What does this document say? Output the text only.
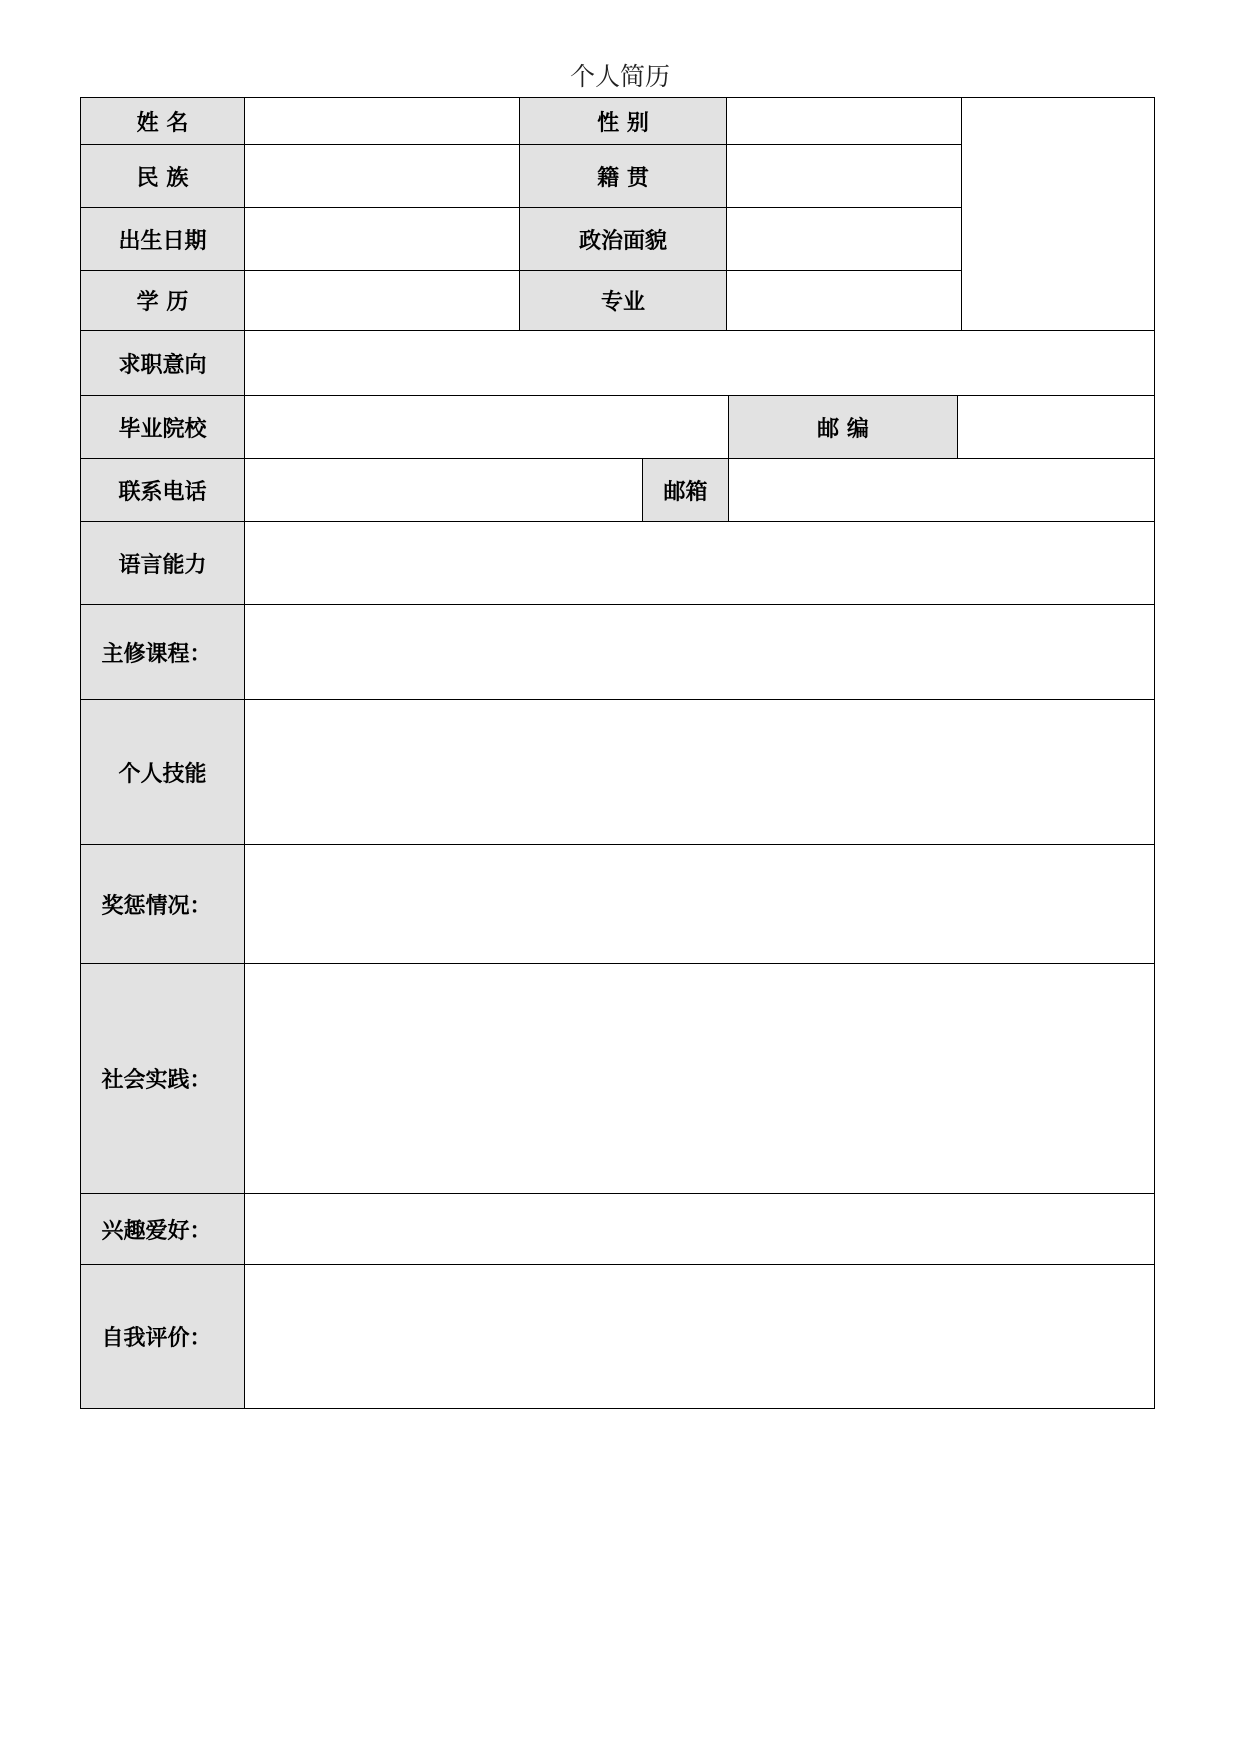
个人简历
姓 名	性 别
民 族	籍 贯
出生日期	政治面貌
学 历	专业
求职意向
毕业院校	邮 编
联系电话	邮箱
语言能力
主修课程：
个人技能
奖惩情况：
社会实践：
兴趣爱好：
自我评价：
